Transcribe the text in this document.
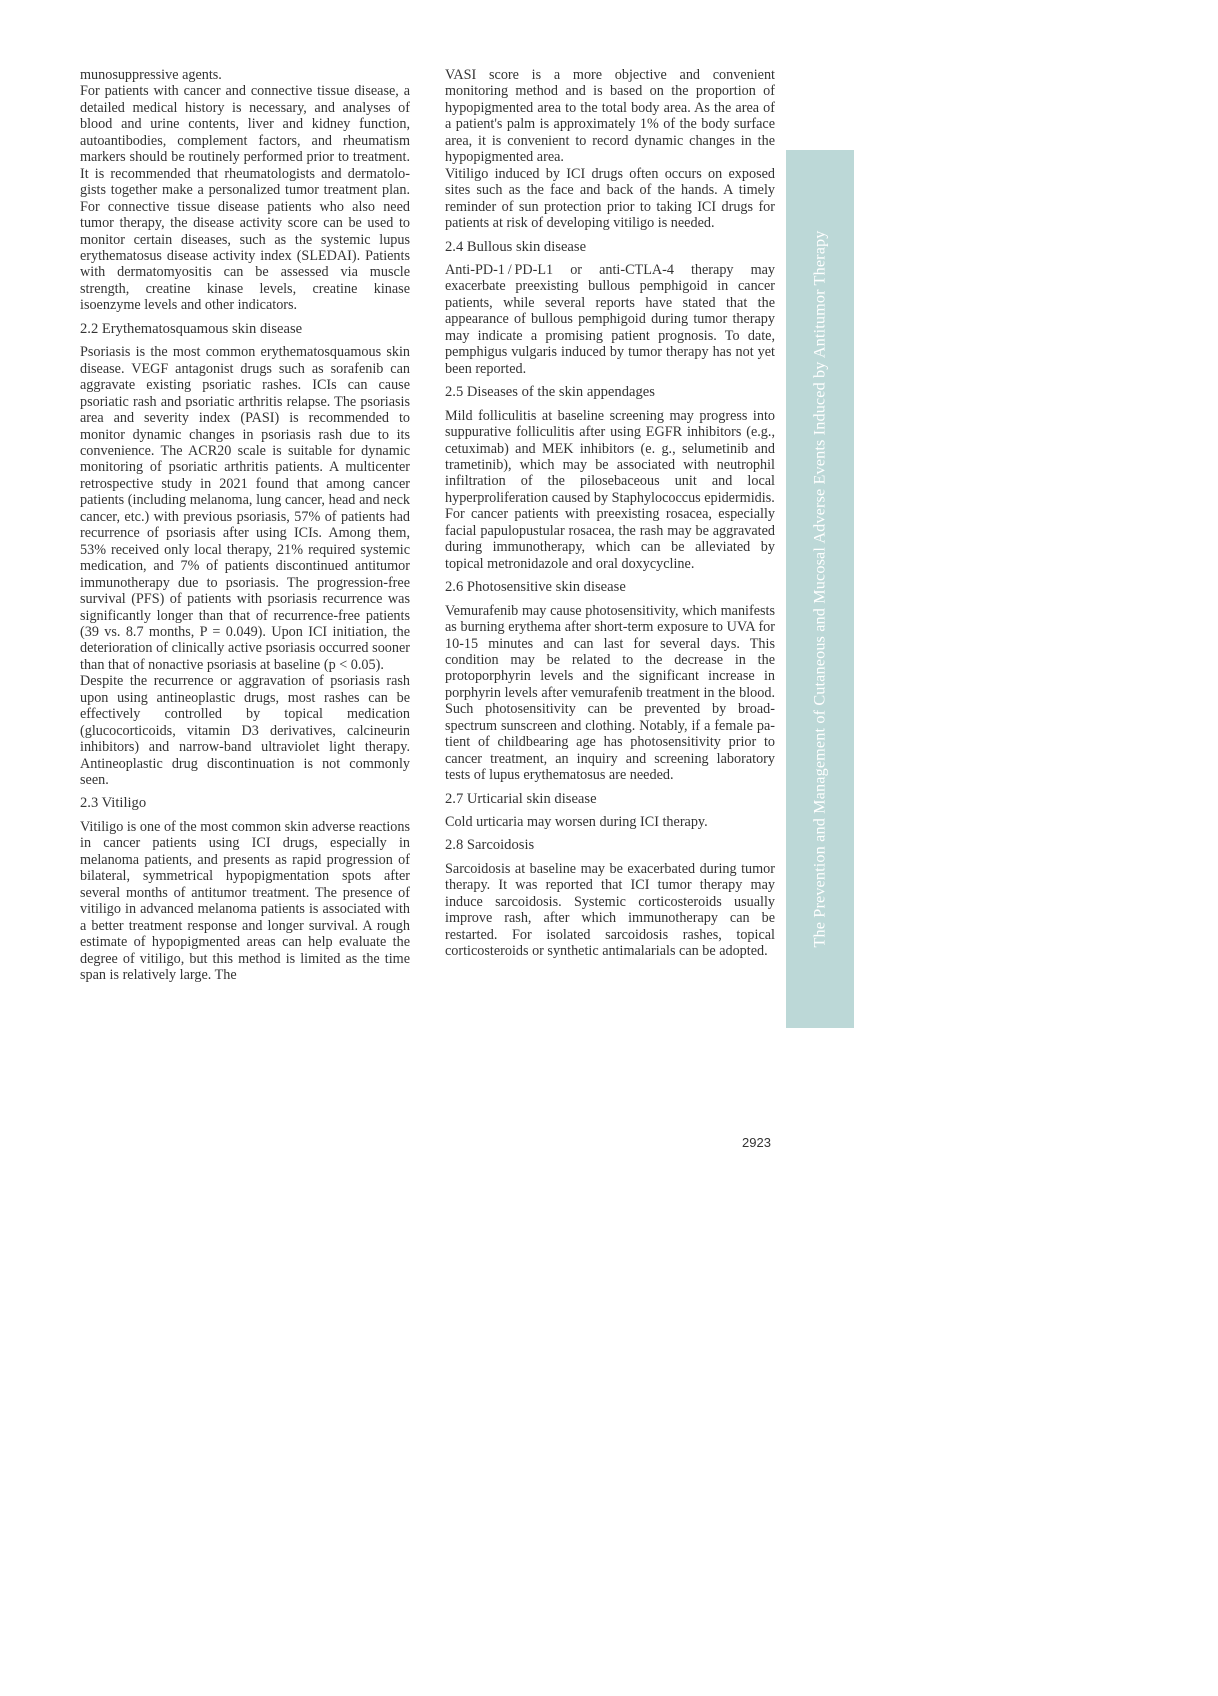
munosuppressive agents.

For patients with cancer and connective tissue disease, a detailed medical history is necessary, and analyses of blood and urine contents, liver and kidney function, autoantibodies, complement factors, and rheumatism markers should be routinely performed prior to treatment. It is recommended that rheumatologists and dermatologists together make a personalized tumor treatment plan. For connective tissue disease patients who also need tumor therapy, the disease activity score can be used to monitor certain diseases, such as the systemic lupus erythematosus disease activity index (SLEDAI). Patients with dermatomyositis can be assessed via muscle strength, creatine kinase levels, creatine kinase isoenzyme levels and other indicators.

2.2 Erythematosquamous skin disease

Psoriasis is the most common erythematosquamous skin disease. VEGF antagonist drugs such as sorafenib can aggravate existing psoriatic rashes. ICIs can cause psoriatic rash and psoriatic arthritis relapse. The psoriasis area and severity index (PASI) is recommended to monitor dynamic changes in psoriasis rash due to its convenience. The ACR20 scale is suitable for dynamic monitoring of psoriatic arthritis patients. A multicenter retrospective study in 2021 found that among cancer patients (including melanoma, lung cancer, head and neck cancer, etc.) with previous psoriasis, 57% of patients had recurrence of psoriasis after using ICIs. Among them, 53% received only local therapy, 21% required systemic medication, and 7% of patients discontinued antitumor immunotherapy due to psoriasis. The progression-free survival (PFS) of patients with psoriasis recurrence was significantly longer than that of recurrence-free patients (39 vs. 8.7 months, P = 0.049). Upon ICI initiation, the deterioration of clinically active psoriasis occurred sooner than that of nonactive psoriasis at baseline (p < 0.05).

Despite the recurrence or aggravation of psoriasis rash upon using antineoplastic drugs, most rashes can be effectively controlled by topical medication (glucocorticoids, vitamin D3 derivatives, calcineurin inhibitors) and narrow-band ultraviolet light therapy. Antineoplastic drug discontinuation is not commonly seen.

2.3 Vitiligo

Vitiligo is one of the most common skin adverse reactions in cancer patients using ICI drugs, especially in melanoma patients, and presents as rapid progression of bilateral, symmetrical hypopigmentation spots after several months of antitumor treatment. The presence of vitiligo in advanced melanoma patients is associated with a better treatment response and longer survival. A rough estimate of hypopigmented areas can help evaluate the degree of vitiligo, but this method is limited as the time span is relatively large. The

VASI score is a more objective and convenient monitoring method and is based on the proportion of hypopigmented area to the total body area. As the area of a patient's palm is approximately 1% of the body surface area, it is convenient to record dynamic changes in the hypopigmented area.

Vitiligo induced by ICI drugs often occurs on exposed sites such as the face and back of the hands. A timely reminder of sun protection prior to taking ICI drugs for patients at risk of developing vitiligo is needed.

2.4 Bullous skin disease

Anti-PD-1 / PD-L1 or anti-CTLA-4 therapy may exacerbate preexisting bullous pemphigoid in cancer patients, while several reports have stated that the appearance of bullous pemphigoid during tumor therapy may indicate a promising patient prognosis. To date, pemphigus vulgaris induced by tumor therapy has not yet been reported.

2.5 Diseases of the skin appendages

Mild folliculitis at baseline screening may progress into suppurative folliculitis after using EGFR inhibitors (e.g., cetuximab) and MEK inhibitors (e. g., selumetinib and trametinib), which may be associated with neutrophil infiltration of the pilosebaceous unit and local hyperproliferation caused by Staphylococcus epidermidis.

For cancer patients with preexisting rosacea, especially facial papulopustular rosacea, the rash may be aggravated during immunotherapy, which can be alleviated by topical metronidazole and oral doxycycline.

2.6 Photosensitive skin disease

Vemurafenib may cause photosensitivity, which manifests as burning erythema after short-term exposure to UVA for 10-15 minutes and can last for several days. This condition may be related to the decrease in the protoporphyrin levels and the significant increase in porphyrin levels after vemurafenib treatment in the blood. Such photosensitivity can be prevented by broad-spectrum sunscreen and clothing. Notably, if a female patient of childbearing age has photosensitivity prior to cancer treatment, an inquiry and screening laboratory tests of lupus erythematosus are needed.

2.7 Urticarial skin disease

Cold urticaria may worsen during ICI therapy.

2.8 Sarcoidosis

Sarcoidosis at baseline may be exacerbated during tumor therapy. It was reported that ICI tumor therapy may induce sarcoidosis. Systemic corticosteroids usually improve rash, after which immunotherapy can be restarted. For isolated sarcoidosis rashes, topical corticosteroids or synthetic antimalarials can be adopted.

The Prevention and Management of Cutaneous and Mucosal Adverse Events Induced by Antitumor Therapy
2923
